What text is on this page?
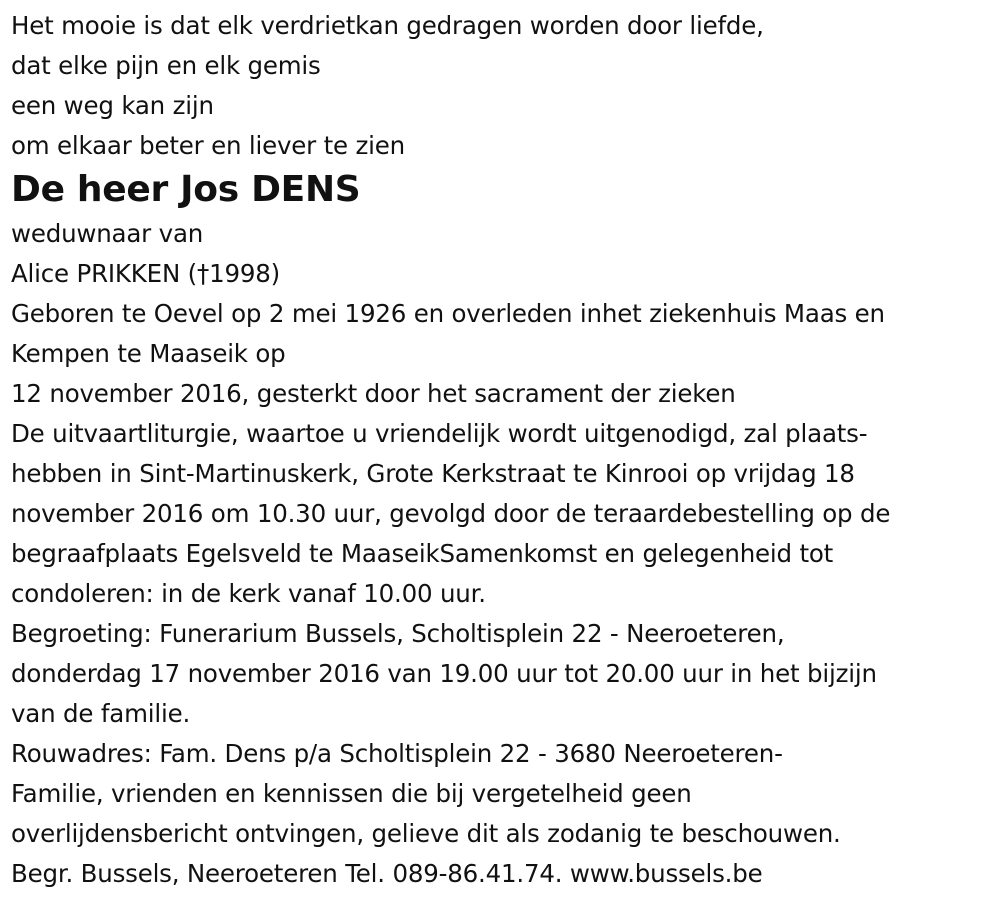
Het mooie is dat elk verdrietkan gedragen worden door liefde,
dat elke pijn en elk gemis
een weg kan zijn
om elkaar beter en liever te zien
De heer Jos DENS
weduwnaar van
Alice PRIKKEN (†1998)
Geboren te Oevel op 2 mei 1926 en overleden inhet ziekenhuis Maas en
Kempen te Maaseik op
12 november 2016, gesterkt door het sacrament der zieken
De uitvaartliturgie, waartoe u vriendelijk wordt uitgenodigd, zal plaats-
hebben in Sint-Martinuskerk, Grote Kerkstraat te Kinrooi op vrijdag 18
november 2016 om 10.30 uur, gevolgd door de teraardebestelling op de
begraafplaats Egelsveld te MaaseikSamenkomst en gelegenheid tot
condoleren: in de kerk vanaf 10.00 uur.
Begroeting: Funerarium Bussels, Scholtisplein 22 - Neeroeteren,
donderdag 17 november 2016 van 19.00 uur tot 20.00 uur in het bijzijn
van de familie.
Rouwadres: Fam. Dens p/a Scholtisplein 22 - 3680 Neeroeteren-
Familie, vrienden en kennissen die bij vergetelheid geen
overlijdensbericht ontvingen, gelieve dit als zodanig te beschouwen.
Begr. Bussels, Neeroeteren Tel. 089-86.41.74. www.bussels.be
